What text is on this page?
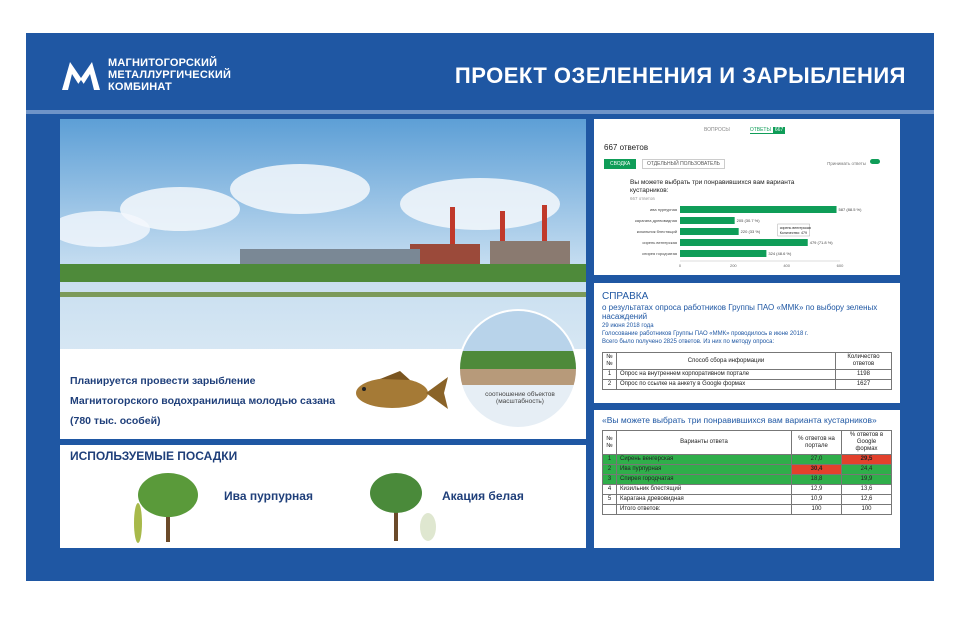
МАГНИТОГОРСКИЙ
МЕТАЛЛУРГИЧЕСКИЙ
КОМБИНАТ	ПРОЕКТ ОЗЕЛЕНЕНИЯ И ЗАРЫБЛЕНИЯ
соотношение объектов
(масштабность)
Планируется провести зарыбление
Магнитогорского водохранилища молодью сазана
(780 тыс. особей)
ИСПОЛЬЗУЕМЫЕ ПОСАДКИ
Ива пурпурная	Акация белая
ВОПРОСЫ	ОТВЕТЫ 667
667 ответов
СВОДКА	ОТДЕЛЬНЫЙ ПОЛЬЗОВАТЕЛЬ	Принимать ответы
Вы можете выбрать три понравившихся вам варианта кустарников:
667 ответов
ива пурпурная	587 (88.5 %)
караганa древовидная	205 (30.7 %)
кизильник блестящий	220 (33 %)
сирень венгерская	479 (71.8 %)
спирея городчатая	324 (48.6 %)
0	200	400	600
сирень венгерская
Количество: 479
СПРАВКА
о результатах опроса работников Группы ПАО «ММК» по выбору зеленых насаждений
29 июня 2018 года
Голосование работников Группы ПАО «ММК» проводилось в июне 2018 г.
Всего было получено 2825 ответов. Из них по методу опроса:
№ №	Способ сбора информации	Количество ответов
1	Опрос на внутреннем корпоративном портале	1198
2	Опрос по ссылке на анкету в Google формах	1627
«Вы можете выбрать три понравившихся вам варианта кустарников»
№ №	Варианты ответа	% ответов на портале	% ответов в Google формах
1	Сирень венгерская	27,0	29,5
2	Ива пурпурная	30,4	24,4
3	Спирея городчатая	18,8	19,9
4	Кизильник блестящий	12,9	13,6
5	Карагана древовидная	10,9	12,6
	Итого ответов:	100	100
